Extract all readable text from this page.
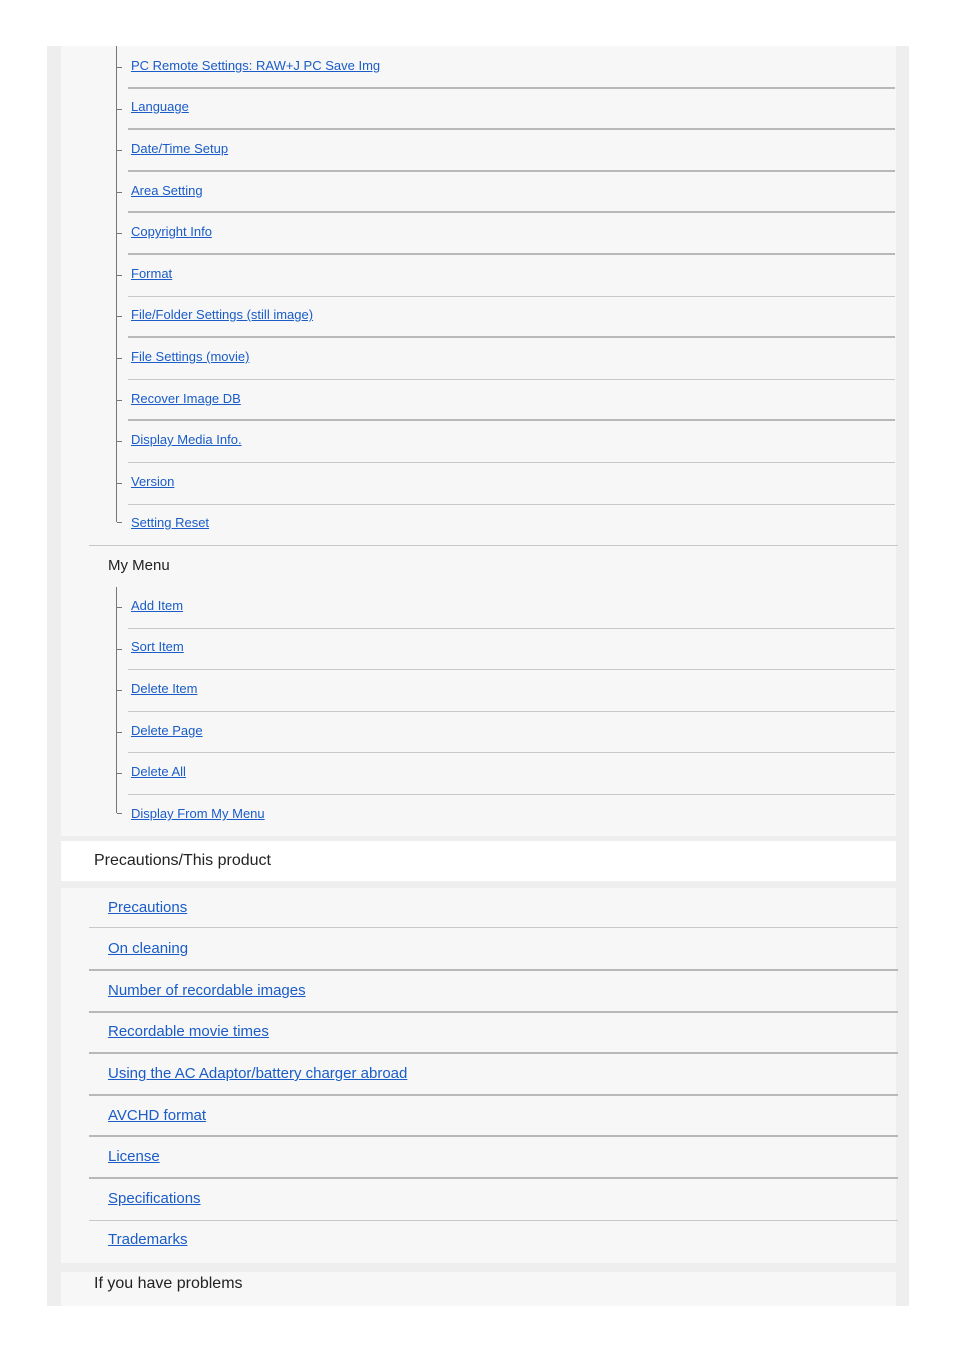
PC Remote Settings: RAW+J PC Save Img
Language
Date/Time Setup
Area Setting
Copyright Info
Format
File/Folder Settings (still image)
File Settings (movie)
Recover Image DB
Display Media Info.
Version
Setting Reset
My Menu
Add Item
Sort Item
Delete Item
Delete Page
Delete All
Display From My Menu
Precautions/This product
Precautions
On cleaning
Number of recordable images
Recordable movie times
Using the AC Adaptor/battery charger abroad
AVCHD format
License
Specifications
Trademarks
If you have problems
